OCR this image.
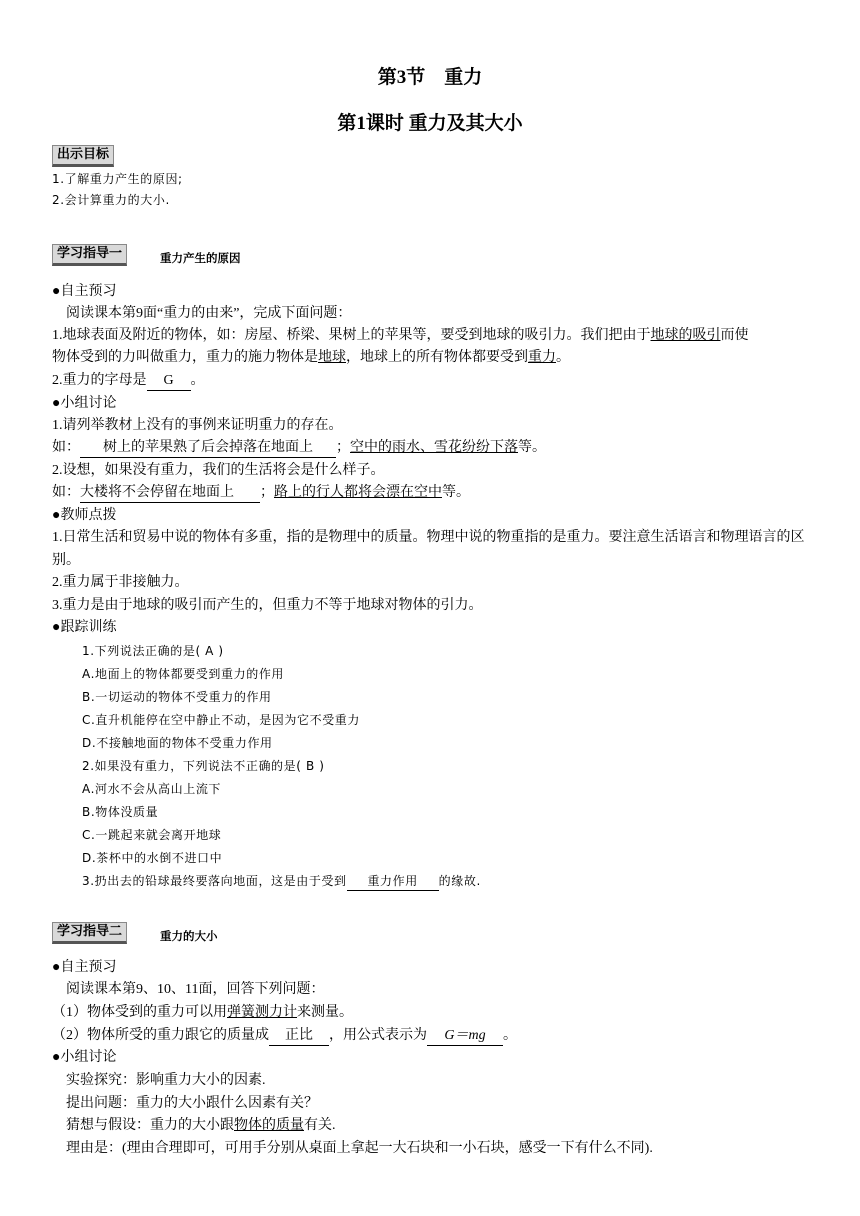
第3节　重力
第1课时 重力及其大小
出示目标
1.了解重力产生的原因;
2.会计算重力的大小.
学习指导一	重力产生的原因
●自主预习
阅读课本第9面“重力的由来”，完成下面问题：
1.地球表面及附近的物体，如：房屋、桥梁、果树上的苹果等，要受到地球的吸引力。我们把由于地球的吸引而使
物体受到的力叫做重力，重力的施力物体是地球，地球上的所有物体都要受到重力。
2.重力的字母是 G 。
●小组讨论
1.请列举教材上没有的事例来证明重力的存在。
如： 树上的苹果熟了后会掉落在地面上 ；空中的雨水、雪花纷纷下落等。
2.设想，如果没有重力，我们的生活将会是什么样子。
如：大楼将不会停留在地面上 ；路上的行人都将会漂在空中等。
●教师点拨
1.日常生活和贸易中说的物体有多重，指的是物理中的质量。物理中说的物重指的是重力。要注意生活语言和物理语言的区别。
2.重力属于非接触力。
3.重力是由于地球的吸引而产生的，但重力不等于地球对物体的引力。
●跟踪训练
1.下列说法正确的是( A )
A.地面上的物体都要受到重力的作用
B.一切运动的物体不受重力的作用
C.直升机能停在空中静止不动，是因为它不受重力
D.不接触地面的物体不受重力作用
2.如果没有重力，下列说法不正确的是( B )
A.河水不会从高山上流下
B.物体没质量
C.一跳起来就会离开地球
D.茶杯中的水倒不进口中
3.扔出去的铅球最终要落向地面，这是由于受到 重力作用 的缘故.
学习指导二	重力的大小
●自主预习
阅读课本第9、10、11面，回答下列问题：
（1）物体受到的重力可以用弹簧测力计来测量。
（2）物体所受的重力跟它的质量成 正比 ，用公式表示为 G＝mg 。
●小组讨论
实验探究：影响重力大小的因素.
提出问题：重力的大小跟什么因素有关？
猜想与假设：重力的大小跟物体的质量有关.
理由是：(理由合理即可，可用手分别从桌面上拿起一大石块和一小石块，感受一下有什么不同).
